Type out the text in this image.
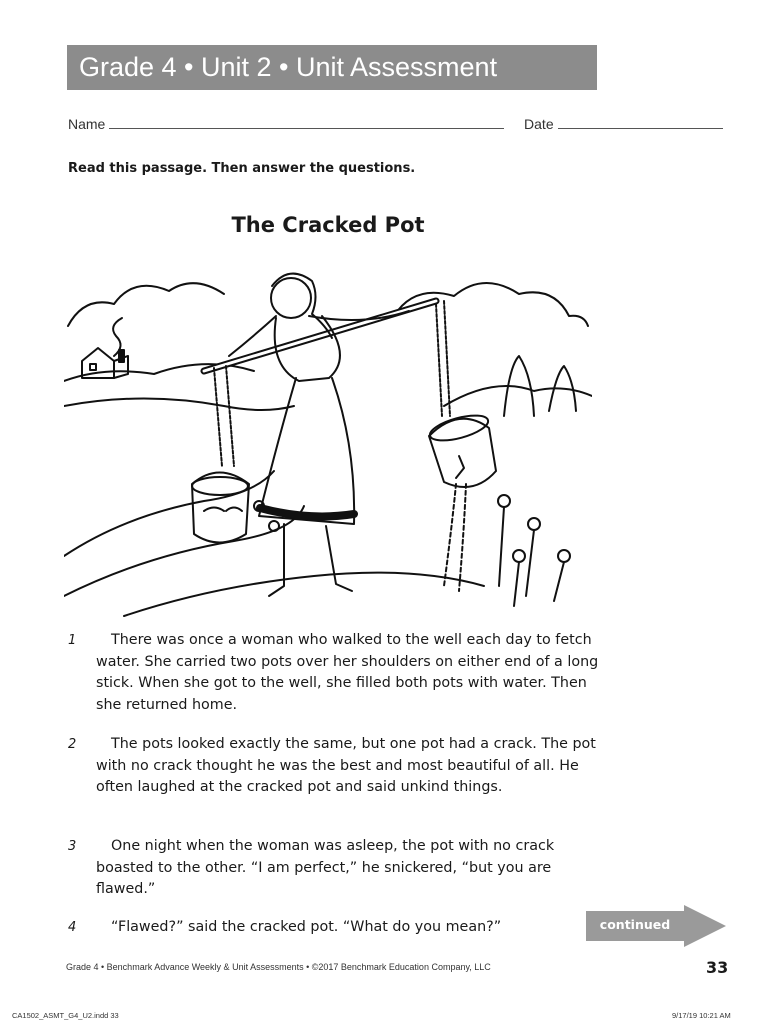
Grade 4 • Unit 2 • Unit Assessment
Name	Date
Read this passage. Then answer the questions.
The Cracked Pot
1	There was once a woman who walked to the well each day to fetch water. She carried two pots over her shoulders on either end of a long stick. When she got to the well, she filled both pots with water. Then she returned home.
2	The pots looked exactly the same, but one pot had a crack. The pot with no crack thought he was the best and most beautiful of all. He often laughed at the cracked pot and said unkind things.
3	One night when the woman was asleep, the pot with no crack boasted to the other. “I am perfect,” he snickered, “but you are flawed.”
4	“Flawed?” said the cracked pot. “What do you mean?”	continued
Grade 4 • Benchmark Advance Weekly & Unit Assessments • ©2017 Benchmark Education Company, LLC	33
CA1502_ASMT_G4_U2.indd 33	9/17/19 10:21 AM
